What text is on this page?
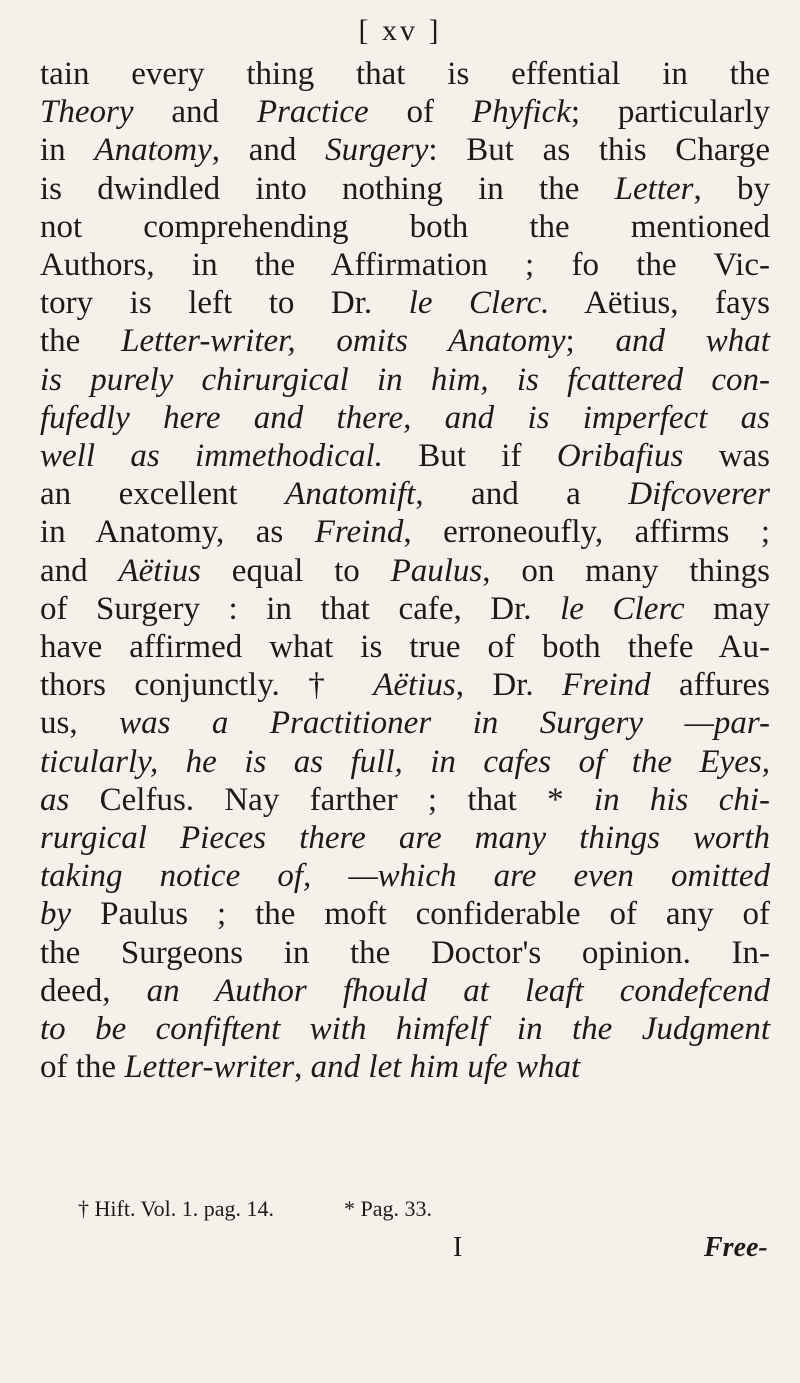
[ xv ]
tain every thing that is effential in the
Theory and Practice of Phyfick; particularly
in Anatomy, and Surgery: But as this Charge
is dwindled into nothing in the Letter, by
not comprehending both the mentioned
Authors, in the Affirmation ; fo the Vic-
tory is left to Dr. le Clerc. Aëtius, fays
the Letter-writer, omits Anatomy; and what
is purely chirurgical in him, is fcattered con-
fufedly here and there, and is imperfect as
well as immethodical. But if Oribafius was
an excellent Anatomift, and a Difcoverer
in Anatomy, as Freind, erroneoufly, affirms ;
and Aëtius equal to Paulus, on many things
of Surgery : in that cafe, Dr. le Clerc may
have affirmed what is true of both thefe Au-
thors conjunctly. † Aëtius, Dr. Freind affures
us, was a Practitioner in Surgery —par-
ticularly, he is as full, in cafes of the Eyes,
as Celfus. Nay farther ; that * in his chi-
rurgical Pieces there are many things worth
taking notice of, —which are even omitted
by Paulus ; the moft confiderable of any of
the Surgeons in the Doctor's opinion. In-
deed, an Author fhould at leaft condefcend
to be confiftent with himfelf in the Judgment
of the Letter-writer, and let him ufe what
† Hift. Vol. 1. pag. 14.	* Pag. 33.
I	Free-
